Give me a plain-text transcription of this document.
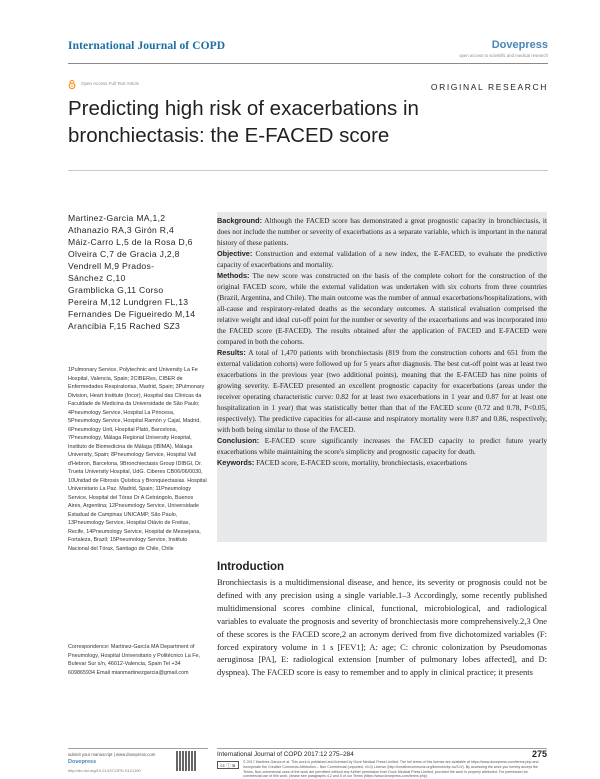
International Journal of COPD	Dovepress
open access to scientific and medical research
Open Access Full Text Article	ORIGINAL RESEARCH
Predicting high risk of exacerbations in bronchiectasis: the E-FACED score
Martinez-Garcia MA,1,2
Athanazio RA,3 Girón R,4
Máiz-Carro L,5 de la Rosa D,6
Olveira C,7 de Gracia J,2,8
Vendrell M,9 Prados-
Sánchez C,10
Gramblicka G,11 Corso
Pereira M,12 Lundgren FL,13
Fernandes De Figueiredo M,14
Arancibia F,15 Rached SZ3
1Pulmonary Service, Polytechnic and University La Fe Hospital, Valencia, Spain; 2CIBERes, CIBER de Enfermedades Respiratorias, Madrid, Spain; 3Pulmonary Division, Heart Institute (Incor), Hospital das Clínicas da Faculdade de Medicina da Universidade de São Paulo; 4Pneumology Service, Hospital La Princesa, 5Pneumology Service, Hospital Ramón y Cajal, Madrid, 6Pneumology Unit, Hospital Plató, Barcelona, 7Pneumology, Málaga Regional University Hospital, Instituto de Biomedicina de Málaga (IBIMA), Málaga University, Spain; 8Pneumology Service, Hospital Vall d'Hebron, Barcelona, 9Bronchiectasis Group IDIBGI, Dr. Trueta University Hospital, UdG. Ciberes CB06/06/0030, 10Unidad de Fibrosis Quística y Bronquiectasias. Hospital Universitario La Paz. Madrid, Spain; 11Pneumology Service, Hospital del Tórax Dr A Cetrángolo, Buenos Aires, Argentina; 12Pneumology Service, Universidade Estadual de Campinas UNICAMP, São Paulo, 13Pneumology Service, Hospital Otávio de Freitas, Recife, 14Pneumology Service, Hospital de Messejana, Fortaleza, Brazil; 15Pneumology Service, Instituto Nacional del Tórax, Santiago de Chile, Chile
Correspondence: Martinez-García MA Department of Pneumology, Hospital Universitario y Politécnico La Fe, Bulevar Sur s/n, 46012-Valencia, Spain Tel +34 609865934 Email mianmartinezgarcia@gmail.com

Background: Although the FACED score has demonstrated a great prognostic capacity in bronchiectasis, it does not include the number or severity of exacerbations as a separate variable, which is important in the natural history of these patients.

Objective: Construction and external validation of a new index, the E-FACED, to evaluate the predictive capacity of exacerbations and mortality.

Methods: The new score was constructed on the basis of the complete cohort for the construction of the original FACED score, while the external validation was undertaken with six cohorts from three countries (Brazil, Argentina, and Chile). The main outcome was the number of annual exacerbations/hospitalizations, with all-cause and respiratory-related deaths as the secondary outcomes. A statistical evaluation comprised the relative weight and ideal cut-off point for the number or severity of the exacerbations and was incorporated into the FACED score (E-FACED). The results obtained after the application of FACED and E-FACED were compared in both the cohorts.

Results: A total of 1,470 patients with bronchiectasis (819 from the construction cohorts and 651 from the external validation cohorts) were followed up for 5 years after diagnosis. The best cut-off point was at least two exacerbations in the previous year (two additional points), meaning that the E-FACED has nine points of growing severity. E-FACED presented an excellent prognostic capacity for exacerbations (areas under the receiver operating characteristic curve: 0.82 for at least two exacerbations in 1 year and 0.87 for at least one hospitalization in 1 year) that was statistically better than that of the FACED score (0.72 and 0.78, P<0.05, respectively). The predictive capacities for all-cause and respiratory mortality were 0.87 and 0.86, respectively, with both being similar to those of the FACED.

Conclusion: E-FACED score significantly increases the FACED capacity to predict future yearly exacerbations while maintaining the score's simplicity and prognostic capacity for death.

Keywords: FACED score, E-FACED score, mortality, bronchiectasis, exacerbations

Introduction
Bronchiectasis is a multidimensional disease, and hence, its severity or prognosis could not be defined with any precision using a single variable.1–3 Accordingly, some recently published multidimensional scores combine clinical, functional, microbiological, and radiological variables to evaluate the prognosis and severity of bronchiectasis more comprehensively.2,3 One of these scores is the FACED score,2 an acronym derived from five dichotomized variables (F: forced expiratory volume in 1 s [FEV1]; A: age; C: chronic colonization by Pseudomonas aeruginosa [PA], E: radiological extension [number of pulmonary lobes affected], and D: dyspnea). The FACED score is easy to remember and to apply in clinical practice; it presents
submit your manuscript | www.dovepress.com
Dovepress
http://dx.doi.org/10.2147/COPD.S121100
International Journal of COPD 2017:12 275–284	275
cc ⓘ ⊜
© 2017 Martinez-García et al. This work is published and licensed by Dove Medical Press Limited. The full terms of this license are available at https://www.dovepress.com/terms.php and incorporate the Creative Commons Attribution – Non Commercial (unported, v3.0) License (http://creativecommons.org/licenses/by-nc/3.0/). By accessing the work you hereby accept the Terms. Non-commercial uses of the work are permitted without any further permission from Dove Medical Press Limited, provided the work is properly attributed. For permission for commercial use of this work, please see paragraphs 4.2 and 5 of our Terms (https://www.dovepress.com/terms.php).
